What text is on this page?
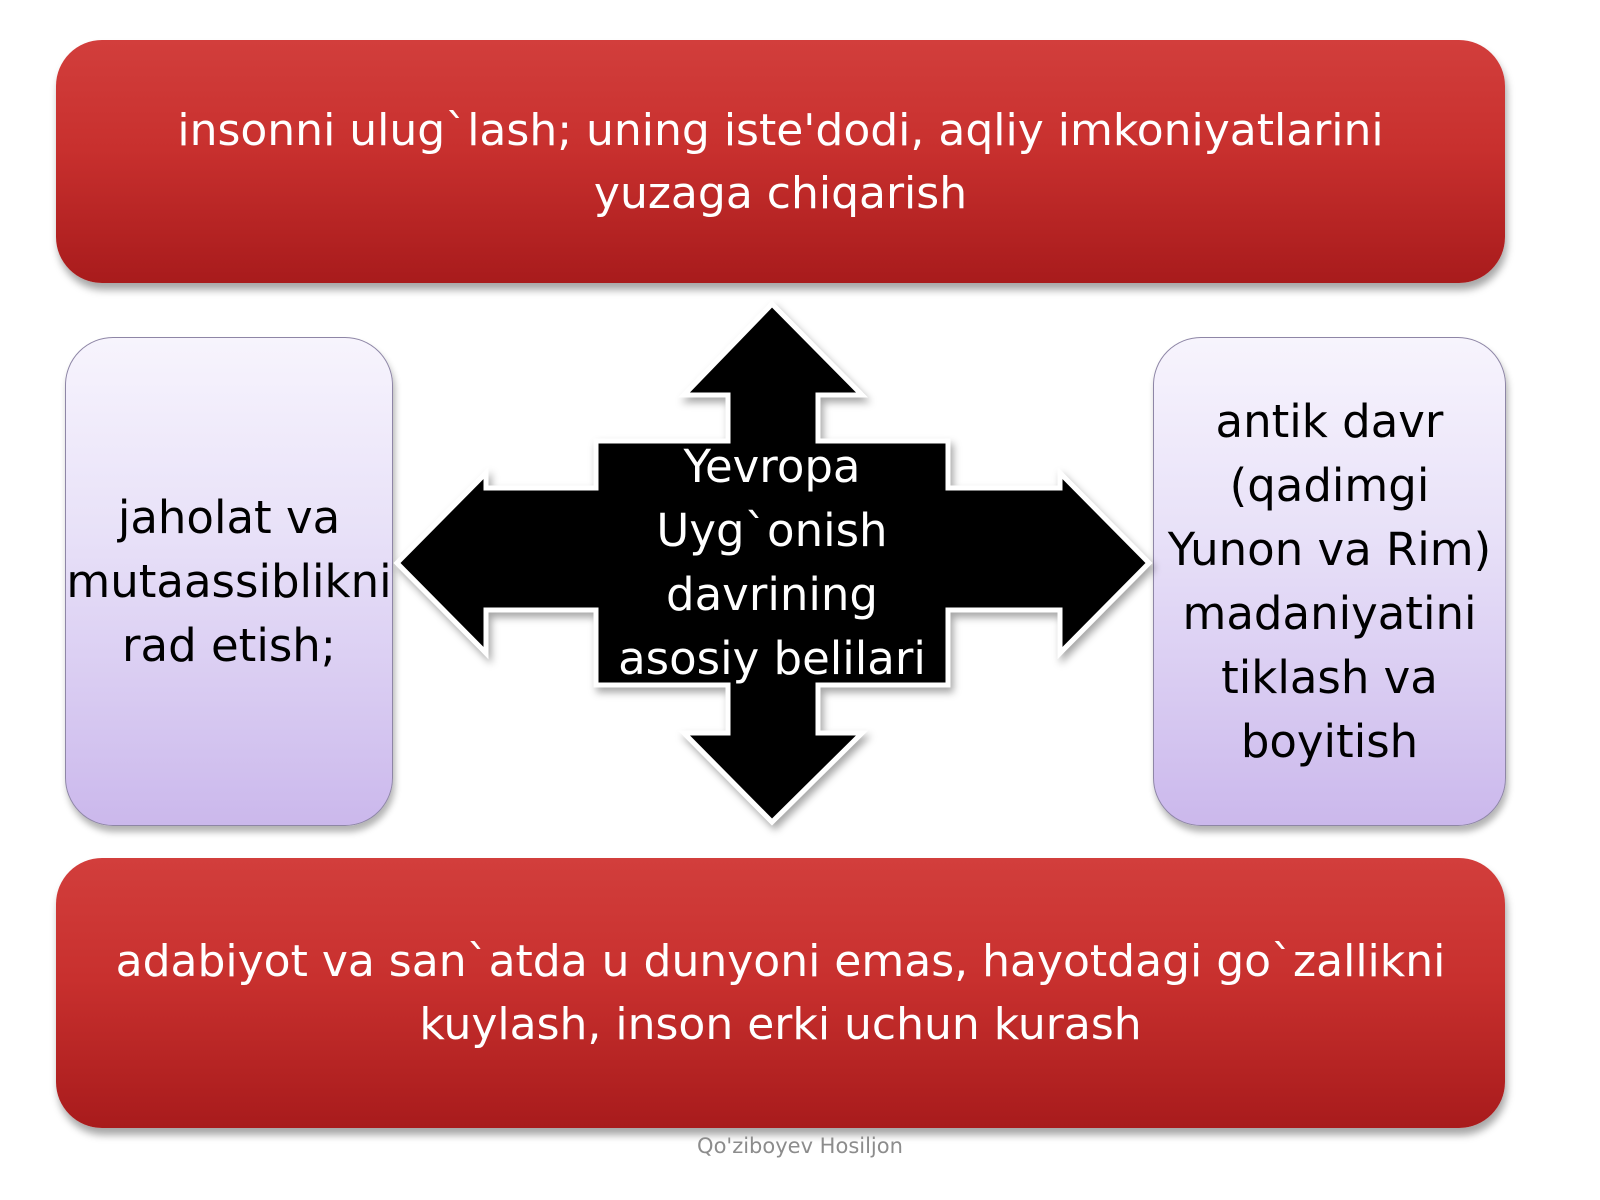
insonni ulug`lash; uning iste'dodi, aqliy imkoniyatlarini yuzaga chiqarish
jaholat va mutaassiblikni rad etish;
antik davr (qadimgi Yunon va Rim) madaniyatini tiklash va boyitish
Yevropa Uyg`onish davrining asosiy belilari
adabiyot va san`atda u dunyoni emas, hayotdagi go`zallikni kuylash, inson erki uchun kurash
Qo'ziboyev Hosiljon
